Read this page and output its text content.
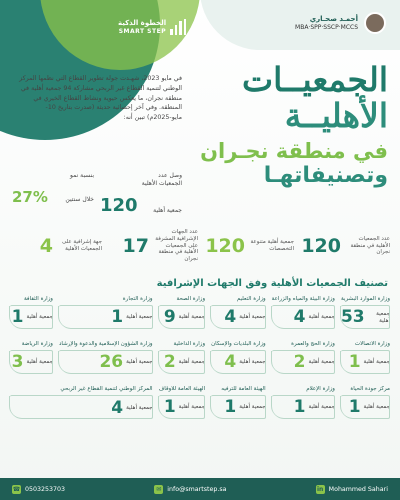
الخطوة الذكية
SMART STEP
أحمـد صحـاري
MBA·SPP·SSCP·MCCS
الجمعيــات
الأهليــة
في منطقة نجـران
وتصنيفاتهـا
في مايو 2023، شهـدت جولة تطوير القطاع التي نظمها المركز الوطني لتنمية القطاع غير الربحي مشاركة 94 جمعية أهلية في منطقة نجران، ما يعكس حيوية ونشاط القطاع الخيري في المنطقة. وفي آخر إحصائية حديثة (صدرت بتاريخ 10-مايو-2025م) تبين أنه:
وصل عدد الجمعيات الأهلية
120	جمعية أهلية
بنسبة نمو
27%	خلال سنتين
عدد الجمعيات الأهلية في منطقة نجران
120
جمعية أهلية متنوعة التخصصات
120
عدد الجهات الإشرافية المشرفة على الجمعيات الأهلية في منطقة نجران
17
جهة إشرافية على الجمعيات الأهلية
4
تصنيف الجمعيات الأهلية وفق الجهات الإشرافية
وزارة الموارد البشرية
جمعية أهلية
53
وزارة البيئة والمياه والزراعة
جمعية أهلية
4
وزارة التعليم
جمعية أهلية
4
وزارة الصحة
جمعية أهلية
9
وزارة التجارة
جمعية أهلية
1
وزارة الثقافة
جمعية أهلية
1
وزارة الاتصالات
جمعية أهلية
1
وزارة الحج والعمرة
جمعية أهلية
2
وزارة البلديات والإسكان
جمعية أهلية
4
وزارة الداخلية
جمعية أهلية
2
وزارة الشؤون الإسلامية والدعوة والإرشاد
جمعية أهلية
26
وزارة الرياضة
جمعية أهلية
3
مركز جودة الحياة
جمعية أهلية
1
وزارة الإعلام
جمعية أهلية
1
الهيئة العامة للترفيه
جمعية أهلية
1
الهيئة العامة للأوقاف
جمعية أهلية
1
المركز الوطني لتنمية القطاع غير الربحي
جمعية أهلية
4
☎ 0503253703	✉ info@smartstep.sa	in Mohammed Sahari
